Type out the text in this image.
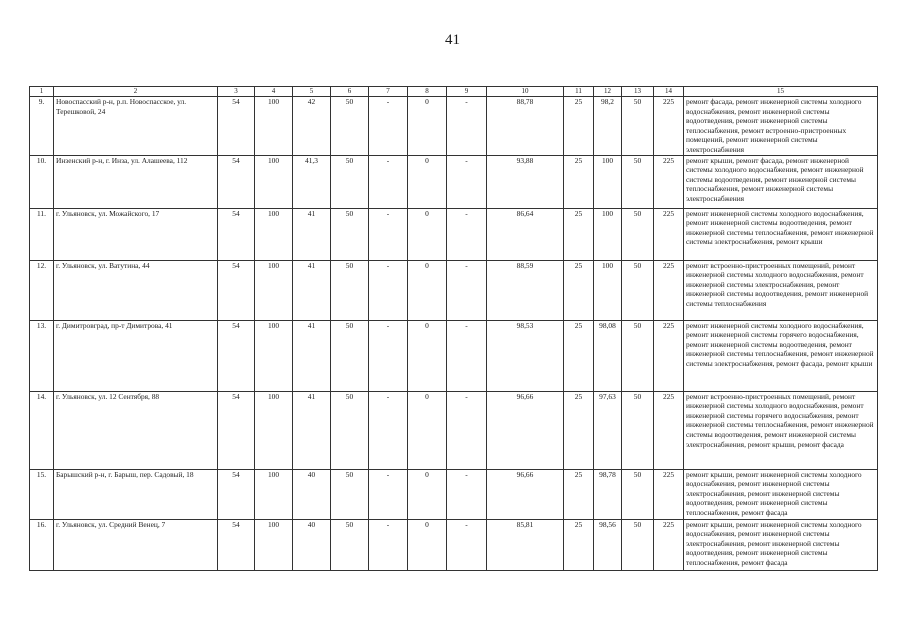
41
1	2	3	4	5	6	7	8	9	10	11	12	13	14	15
9.	Новоспасский р-н, р.п. Новоспасское, ул. Терешковой, 24	54	100	42	50	-	0	-	88,78	25	98,2	50	225	ремонт фасада, ремонт инженерной системы холодного водоснабжения, ремонт инженерной системы водоотведения, ремонт инженерной системы теплоснабжения, ремонт встроенно-пристроенных помещений, ремонт инженерной системы электроснабжения
10.	Инзенский р-н, г. Инза, ул. Алашеева, 112	54	100	41,3	50	-	0	-	93,88	25	100	50	225	ремонт крыши, ремонт фасада, ремонт инженерной системы холодного водоснабжения, ремонт инженерной системы водоотведения, ремонт инженерной системы теплоснабжения, ремонт инженерной системы электроснабжения
11.	г. Ульяновск, ул. Можайского, 17	54	100	41	50	-	0	-	86,64	25	100	50	225	ремонт инженерной системы холодного водоснабжения, ремонт инженерной системы водоотведения, ремонт инженерной системы теплоснабжения, ремонт инженерной системы электроснабжения, ремонт крыши
12.	г. Ульяновск, ул. Ватутина, 44	54	100	41	50	-	0	-	88,59	25	100	50	225	ремонт встроенно-пристроенных помещений, ремонт инженерной системы холодного водоснабжения, ремонт инженерной системы электроснабжения, ремонт инженерной системы водоотведения, ремонт инженерной системы теплоснабжения
13.	г. Димитровград, пр-т Димитрова, 41	54	100	41	50	-	0	-	98,53	25	98,08	50	225	ремонт инженерной системы холодного водоснабжения, ремонт инженерной системы горячего водоснабжения, ремонт инженерной системы водоотведения, ремонт инженерной системы теплоснабжения, ремонт инженерной системы электроснабжения, ремонт фасада, ремонт крыши
14.	г. Ульяновск, ул. 12 Сентября, 88	54	100	41	50	-	0	-	96,66	25	97,63	50	225	ремонт встроенно-пристроенных помещений, ремонт инженерной системы холодного водоснабжения, ремонт инженерной системы горячего водоснабжения, ремонт инженерной системы теплоснабжения, ремонт инженерной системы водоотведения, ремонт инженерной системы электроснабжения, ремонт крыши, ремонт фасада
15.	Барышский р-н, г. Барыш, пер. Садовый, 18	54	100	40	50	-	0	-	96,66	25	98,78	50	225	ремонт крыши, ремонт инженерной системы холодного водоснабжения, ремонт инженерной системы электроснабжения, ремонт инженерной системы водоотведения, ремонт инженерной системы теплоснабжения, ремонт фасада
16.	г. Ульяновск, ул. Средний Венец, 7	54	100	40	50	-	0	-	85,81	25	98,56	50	225	ремонт крыши, ремонт инженерной системы холодного водоснабжения, ремонт инженерной системы электроснабжения, ремонт инженерной системы водоотведения, ремонт инженерной системы теплоснабжения, ремонт фасада
